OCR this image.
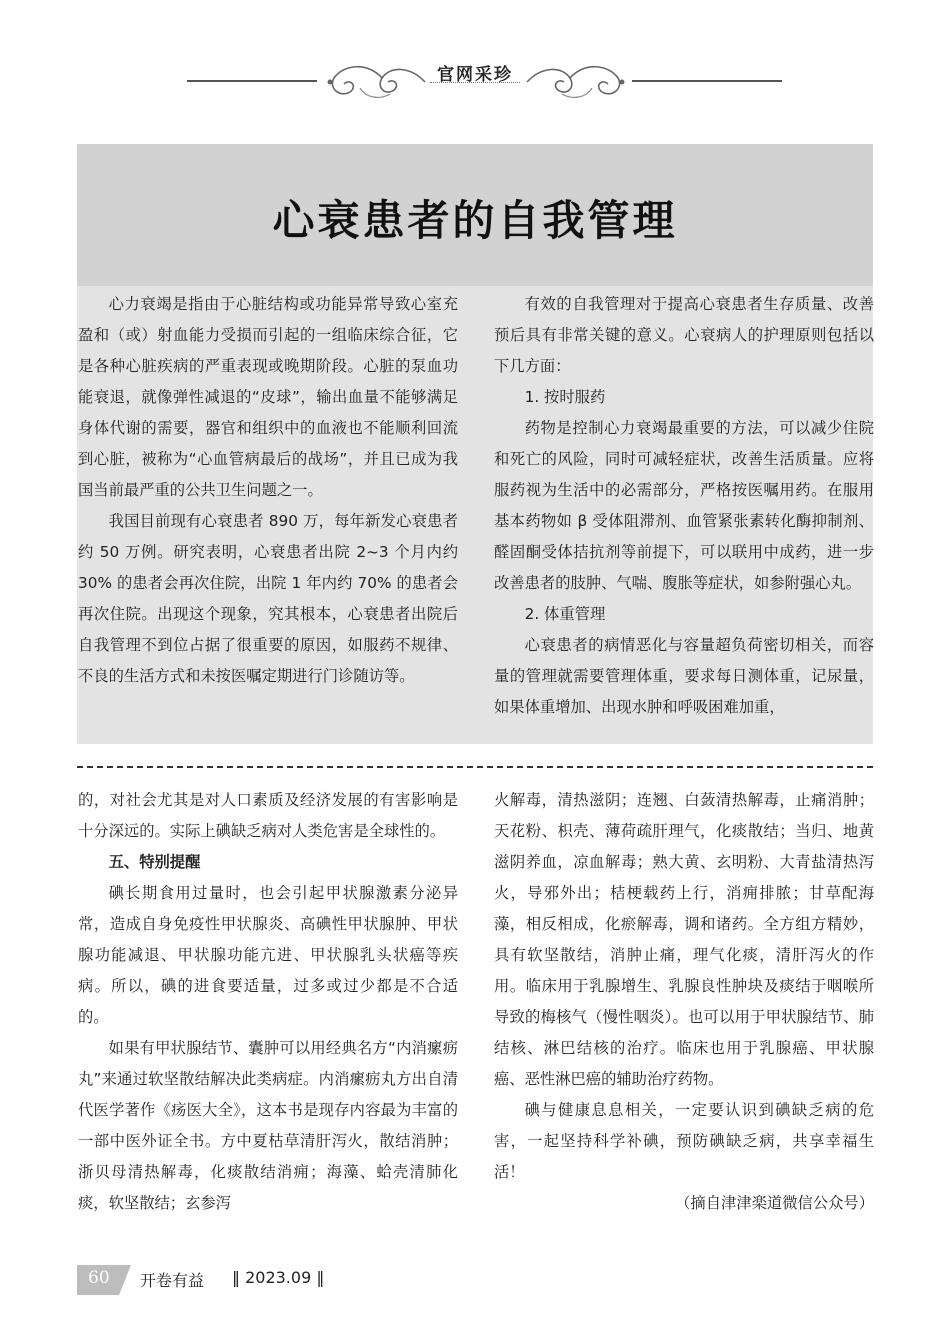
官网采珍
心衰患者的自我管理

心力衰竭是指由于心脏结构或功能异常导致心室充盈和（或）射血能力受损而引起的一组临床综合征，它是各种心脏疾病的严重表现或晚期阶段。心脏的泵血功能衰退，就像弹性减退的“皮球”，输出血量不能够满足身体代谢的需要，器官和组织中的血液也不能顺利回流到心脏，被称为“心血管病最后的战场”，并且已成为我国当前最严重的公共卫生问题之一。

我国目前现有心衰患者 890 万，每年新发心衰患者约 50 万例。研究表明，心衰患者出院 2~3 个月内约 30% 的患者会再次住院，出院 1 年内约 70% 的患者会再次住院。出现这个现象，究其根本，心衰患者出院后自我管理不到位占据了很重要的原因，如服药不规律、不良的生活方式和未按医嘱定期进行门诊随访等。

有效的自我管理对于提高心衰患者生存质量、改善预后具有非常关键的意义。心衰病人的护理原则包括以下几方面：

1. 按时服药

药物是控制心力衰竭最重要的方法，可以减少住院和死亡的风险，同时可减轻症状，改善生活质量。应将服药视为生活中的必需部分，严格按医嘱用药。在服用基本药物如 β 受体阻滞剂、血管紧张素转化酶抑制剂、醛固酮受体拮抗剂等前提下，可以联用中成药，进一步改善患者的肢肿、气喘、腹胀等症状，如参附强心丸。

2. 体重管理

心衰患者的病情恶化与容量超负荷密切相关，而容量的管理就需要管理体重，要求每日测体重，记尿量，如果体重增加、出现水肿和呼吸困难加重，

的，对社会尤其是对人口素质及经济发展的有害影响是十分深远的。实际上碘缺乏病对人类危害是全球性的。

五、特别提醒

碘长期食用过量时，也会引起甲状腺激素分泌异常，造成自身免疫性甲状腺炎、高碘性甲状腺肿、甲状腺功能减退、甲状腺功能亢进、甲状腺乳头状癌等疾病。所以，碘的进食要适量，过多或过少都是不合适的。

如果有甲状腺结节、囊肿可以用经典名方“内消瘰疬丸”来通过软坚散结解决此类病症。内消瘰疬丸方出自清代医学著作《疡医大全》，这本书是现存内容最为丰富的一部中医外证全书。方中夏枯草清肝泻火，散结消肿；浙贝母清热解毒，化痰散结消痈；海藻、蛤壳清肺化痰，软坚散结；玄参泻

火解毒，清热滋阴；连翘、白蔹清热解毒，止痛消肿；天花粉、枳壳、薄荷疏肝理气，化痰散结；当归、地黄滋阴养血，凉血解毒；熟大黄、玄明粉、大青盐清热泻火，导邪外出；桔梗载药上行，消痈排脓；甘草配海藻，相反相成，化瘀解毒，调和诸药。全方组方精妙，具有软坚散结，消肿止痛，理气化痰，清肝泻火的作用。临床用于乳腺增生、乳腺良性肿块及痰结于咽喉所导致的梅核气（慢性咽炎）。也可以用于甲状腺结节、肺结核、淋巴结核的治疗。临床也用于乳腺癌、甲状腺癌、恶性淋巴癌的辅助治疗药物。

碘与健康息息相关，一定要认识到碘缺乏病的危害，一起坚持科学补碘，预防碘缺乏病，共享幸福生活！

（摘自津津楽道微信公众号）

60 开卷有益 ‖ 2023.09 ‖
